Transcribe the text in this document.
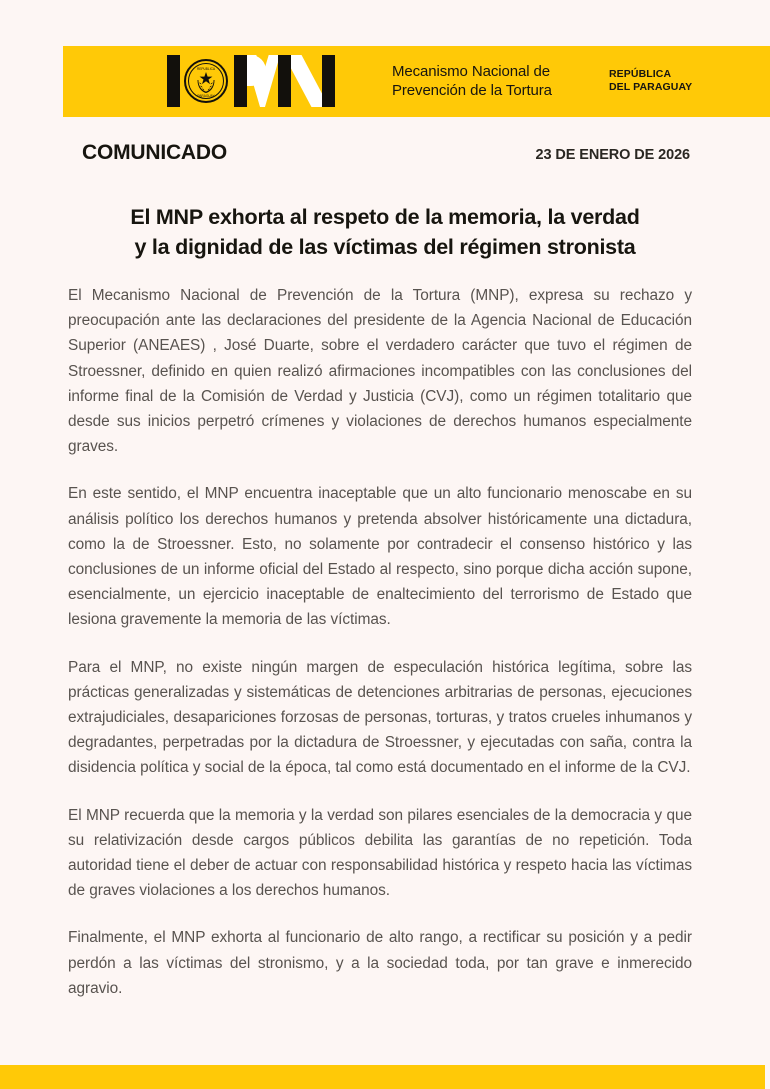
REPUBLICA
PARAGUAY
Mecanismo Nacional de
Prevención de la Tortura
REPÚBLICA
DEL PARAGUAY
COMUNICADO	23 DE ENERO DE 2026
El MNP exhorta al respeto de la memoria, la verdad
y la dignidad de las víctimas del régimen stronista

El Mecanismo Nacional de Prevención de la Tortura (MNP), expresa su rechazo y preocupación ante las declaraciones del presidente de la Agencia Nacional de Educación Superior (ANEAES) , José Duarte, sobre el verdadero carácter que tuvo el régimen de Stroessner, definido en quien realizó afirmaciones incompatibles con las conclusiones del informe final de la Comisión de Verdad y Justicia (CVJ), como un régimen totalitario que desde sus inicios perpetró crímenes y violaciones de derechos humanos especialmente graves.

En este sentido, el MNP encuentra inaceptable que un alto funcionario menoscabe en su análisis político los derechos humanos y pretenda absolver históricamente una dictadura, como la de Stroessner. Esto, no solamente por contradecir el consenso histórico y las conclusiones de un informe oficial del Estado al respecto, sino porque dicha acción supone, esencialmente, un ejercicio inaceptable de enaltecimiento del terrorismo de Estado que lesiona gravemente la memoria de las víctimas.

Para el MNP, no existe ningún margen de especulación histórica legítima, sobre las prácticas generalizadas y sistemáticas de detenciones arbitrarias de personas, ejecuciones extrajudiciales, desapariciones forzosas de personas, torturas, y tratos crueles inhumanos y degradantes, perpetradas por la dictadura de Stroessner, y ejecutadas con saña, contra la disidencia política y social de la época, tal como está documentado en el informe de la CVJ.

El MNP recuerda que la memoria y la verdad son pilares esenciales de la democracia y que su relativización desde cargos públicos debilita las garantías de no repetición. Toda autoridad tiene el deber de actuar con responsabilidad histórica y respeto hacia las víctimas de graves violaciones a los derechos humanos.

Finalmente, el MNP exhorta al funcionario de alto rango, a rectificar su posición y a pedir perdón a las víctimas del stronismo, y a la sociedad toda, por tan grave e inmerecido agravio.
